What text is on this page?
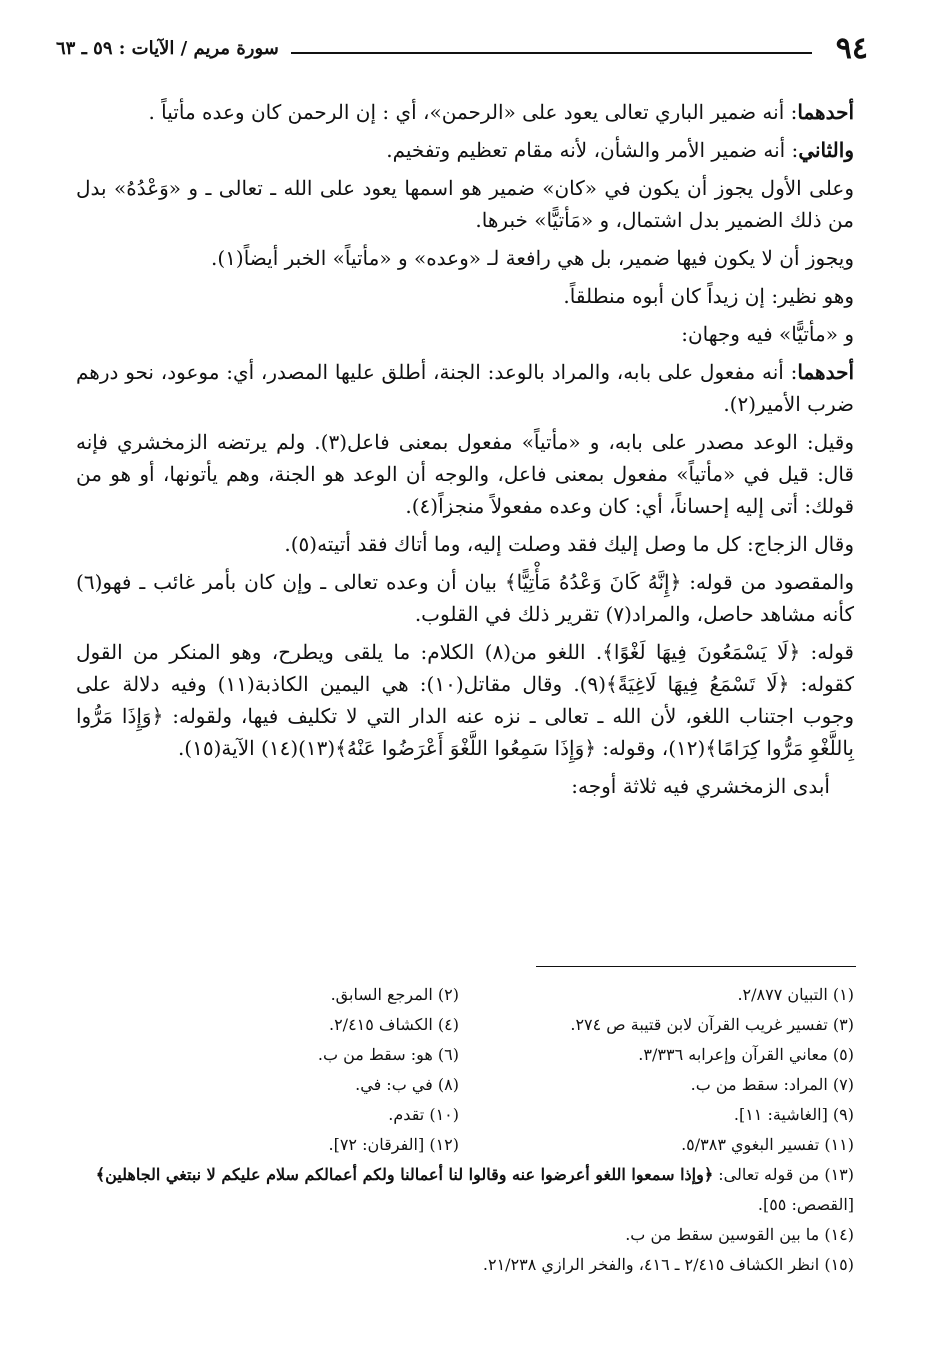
٩٤
سورة مريم / الآيات : ٥٩ ـ ٦٣

أحدهما: أنه ضمير الباري تعالى يعود على «الرحمن»، أي : إن الرحمن كان وعده مأتياً .

والثاني: أنه ضمير الأمر والشأن، لأنه مقام تعظيم وتفخيم.

وعلى الأول يجوز أن يكون في «كان» ضمير هو اسمها يعود على الله ـ تعالى ـ و «وَعْدُهُ» بدل من ذلك الضمير بدل اشتمال، و «مَأتيًّا» خبرها.

ويجوز أن لا يكون فيها ضمير، بل هي رافعة لـ «وعده» و «مأتياً» الخبر أيضاً(١).

وهو نظير: إن زيداً كان أبوه منطلقاً.

و «مأتيًّا» فيه وجهان:

أحدهما: أنه مفعول على بابه، والمراد بالوعد: الجنة، أطلق عليها المصدر، أي: موعود، نحو درهم ضرب الأمير(٢).

وقيل: الوعد مصدر على بابه، و «مأتياً» مفعول بمعنى فاعل(٣). ولم يرتضه الزمخشري فإنه قال: قيل في «مأتياً» مفعول بمعنى فاعل، والوجه أن الوعد هو الجنة، وهم يأتونها، أو هو من قولك: أتى إليه إحساناً، أي: كان وعده مفعولاً منجزاً(٤).

وقال الزجاج: كل ما وصل إليك فقد وصلت إليه، وما أتاك فقد أتيته(٥).

والمقصود من قوله: ﴿إِنَّهُ كَانَ وَعْدُهُ مَأْتِيًّا﴾ بيان أن وعده تعالى ـ وإن كان بأمر غائب ـ فهو(٦) كأنه مشاهد حاصل، والمراد(٧) تقرير ذلك في القلوب.

قوله: ﴿لَا يَسْمَعُونَ فِيهَا لَغْوًا﴾. اللغو من(٨) الكلام: ما يلقى ويطرح، وهو المنكر من القول كقوله: ﴿لَا تَسْمَعُ فِيهَا لَاغِيَةً﴾(٩). وقال مقاتل(١٠): هي اليمين الكاذبة(١١) وفيه دلالة على وجوب اجتناب اللغو، لأن الله ـ تعالى ـ نزه عنه الدار التي لا تكليف فيها، ولقوله: ﴿وَإِذَا مَرُّوا بِاللَّغْوِ مَرُّوا كِرَامًا﴾(١٢)، وقوله: ﴿وَإِذَا سَمِعُوا اللَّغْوَ أَعْرَضُوا عَنْهُ﴾(١٣)(١٤) الآية(١٥).

أبدى الزمخشري فيه ثلاثة أوجه:

(١) التبيان ٢/٨٧٧.
(٢) المرجع السابق.
(٣) تفسير غريب القرآن لابن قتيبة ص ٢٧٤.
(٤) الكشاف ٢/٤١٥.
(٥) معاني القرآن وإعرابه ٣/٣٣٦.
(٦) هو: سقط من ب.
(٧) المراد: سقط من ب.
(٨) في ب: في.
(٩) [الغاشية: ١١].
(١٠) تقدم.
(١١) تفسير البغوي ٥/٣٨٣.
(١٢) [الفرقان: ٧٢].
(١٣) من قوله تعالى: ﴿وإذا سمعوا اللغو أعرضوا عنه وقالوا لنا أعمالنا ولكم أعمالكم سلام عليكم لا نبتغي الجاهلين﴾ [القصص: ٥٥].
(١٤) ما بين القوسين سقط من ب.
(١٥) انظر الكشاف ٢/٤١٥ ـ ٤١٦، والفخر الرازي ٢١/٢٣٨.
